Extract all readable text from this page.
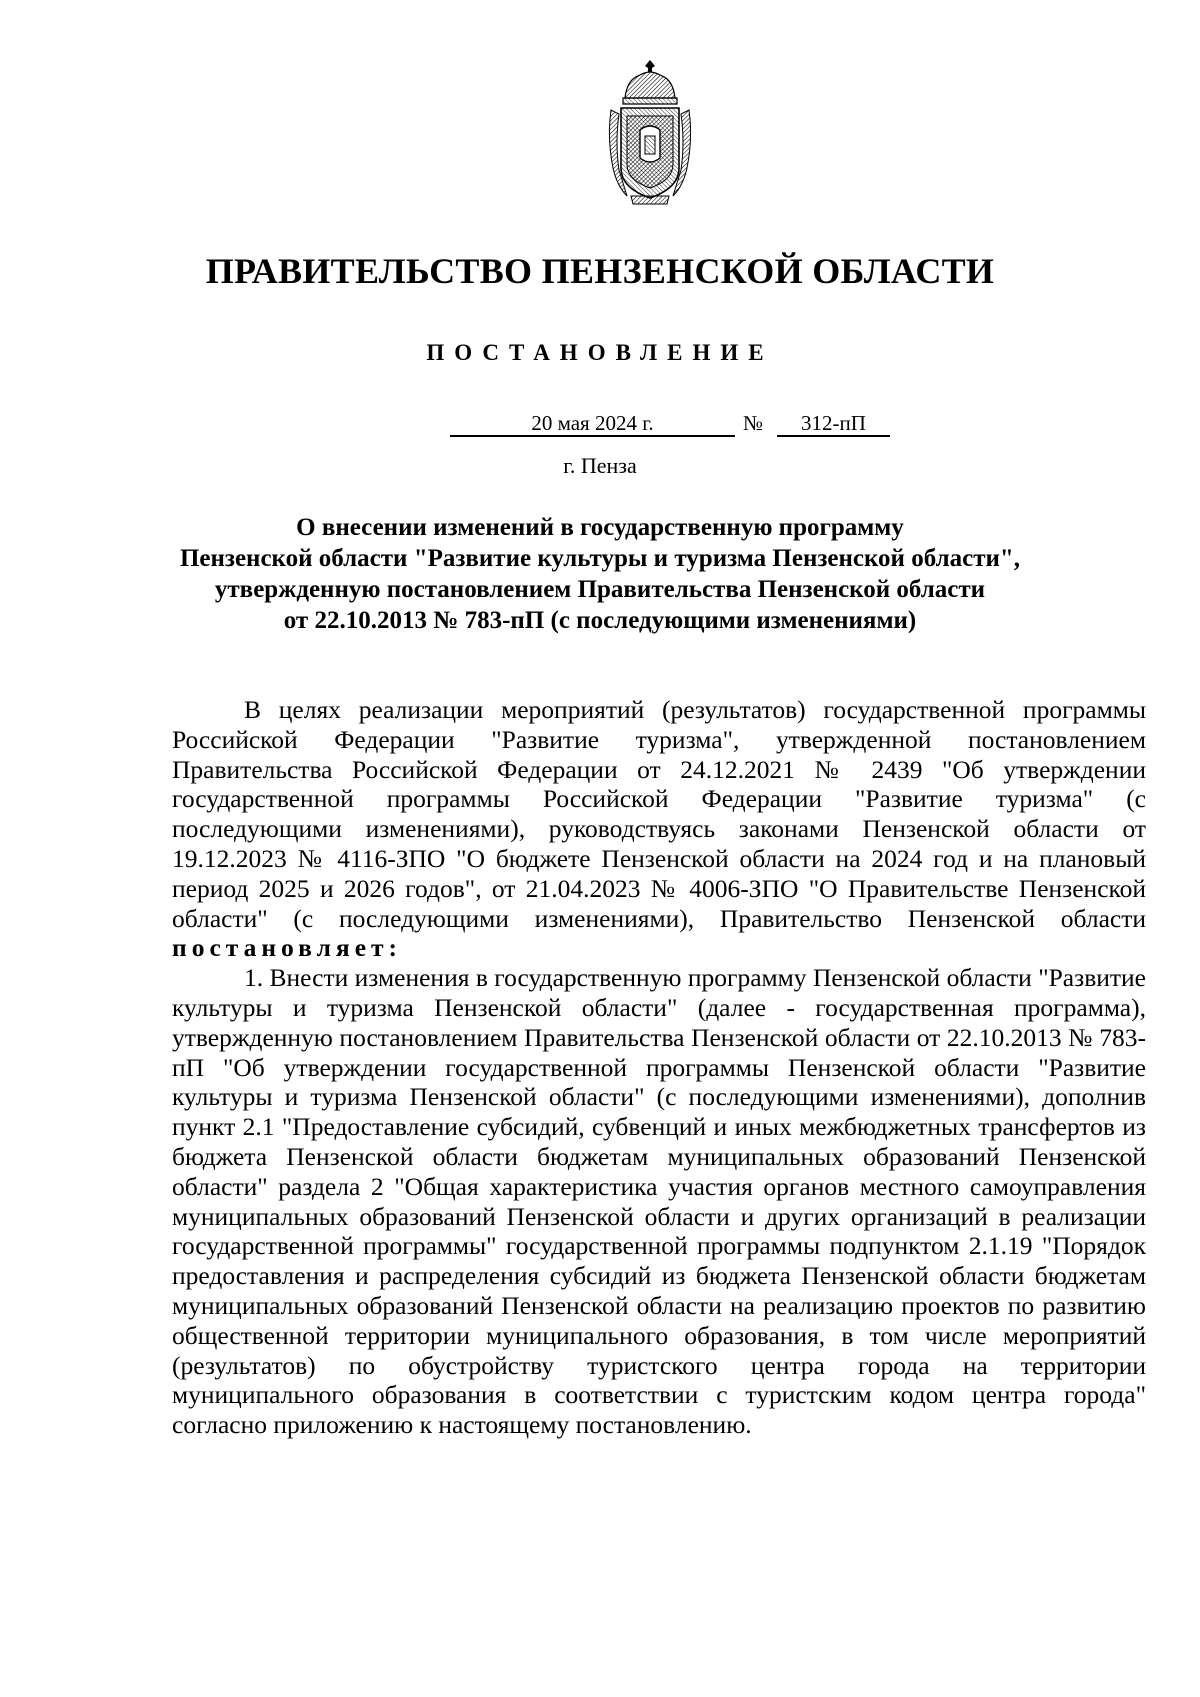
ПРАВИТЕЛЬСТВО ПЕНЗЕНСКОЙ ОБЛАСТИ
ПОСТАНОВЛЕНИЕ
20 мая 2024 г.	№	312-пП
г. Пенза
О внесении изменений в государственную программу
Пензенской области "Развитие культуры и туризма Пензенской области",
утвержденную постановлением Правительства Пензенской области
от 22.10.2013 № 783-пП (с последующими изменениями)

В целях реализации мероприятий (результатов) государственной программы Российской Федерации "Развитие туризма", утвержденной постановлением Правительства Российской Федерации от 24.12.2021 № 2439 "Об утверждении государственной программы Российской Федерации "Развитие туризма" (с последующими изменениями), руководствуясь законами Пензенской области от 19.12.2023 № 4116-ЗПО "О бюджете Пензенской области на 2024 год и на плановый период 2025 и 2026 годов", от 21.04.2023 № 4006-ЗПО "О Правительстве Пензенской области" (с последующими изменениями), Правительство Пензенской области постановляет:

1. Внести изменения в государственную программу Пензенской области "Развитие культуры и туризма Пензенской области" (далее - государственная программа), утвержденную постановлением Правительства Пензенской области от 22.10.2013 № 783-пП "Об утверждении государственной программы Пензенской области "Развитие культуры и туризма Пензенской области" (с последующими изменениями), дополнив пункт 2.1 "Предоставление субсидий, субвенций и иных межбюджетных трансфертов из бюджета Пензенской области бюджетам муниципальных образований Пензенской области" раздела 2 "Общая характеристика участия органов местного самоуправления муниципальных образований Пензенской области и других организаций в реализации государственной программы" государственной программы подпунктом 2.1.19 "Порядок предоставления и распределения субсидий из бюджета Пензенской области бюджетам муниципальных образований Пензенской области на реализацию проектов по развитию общественной территории муниципального образования, в том числе мероприятий (результатов) по обустройству туристского центра города на территории муниципального образования в соответствии с туристским кодом центра города" согласно приложению к настоящему постановлению.
